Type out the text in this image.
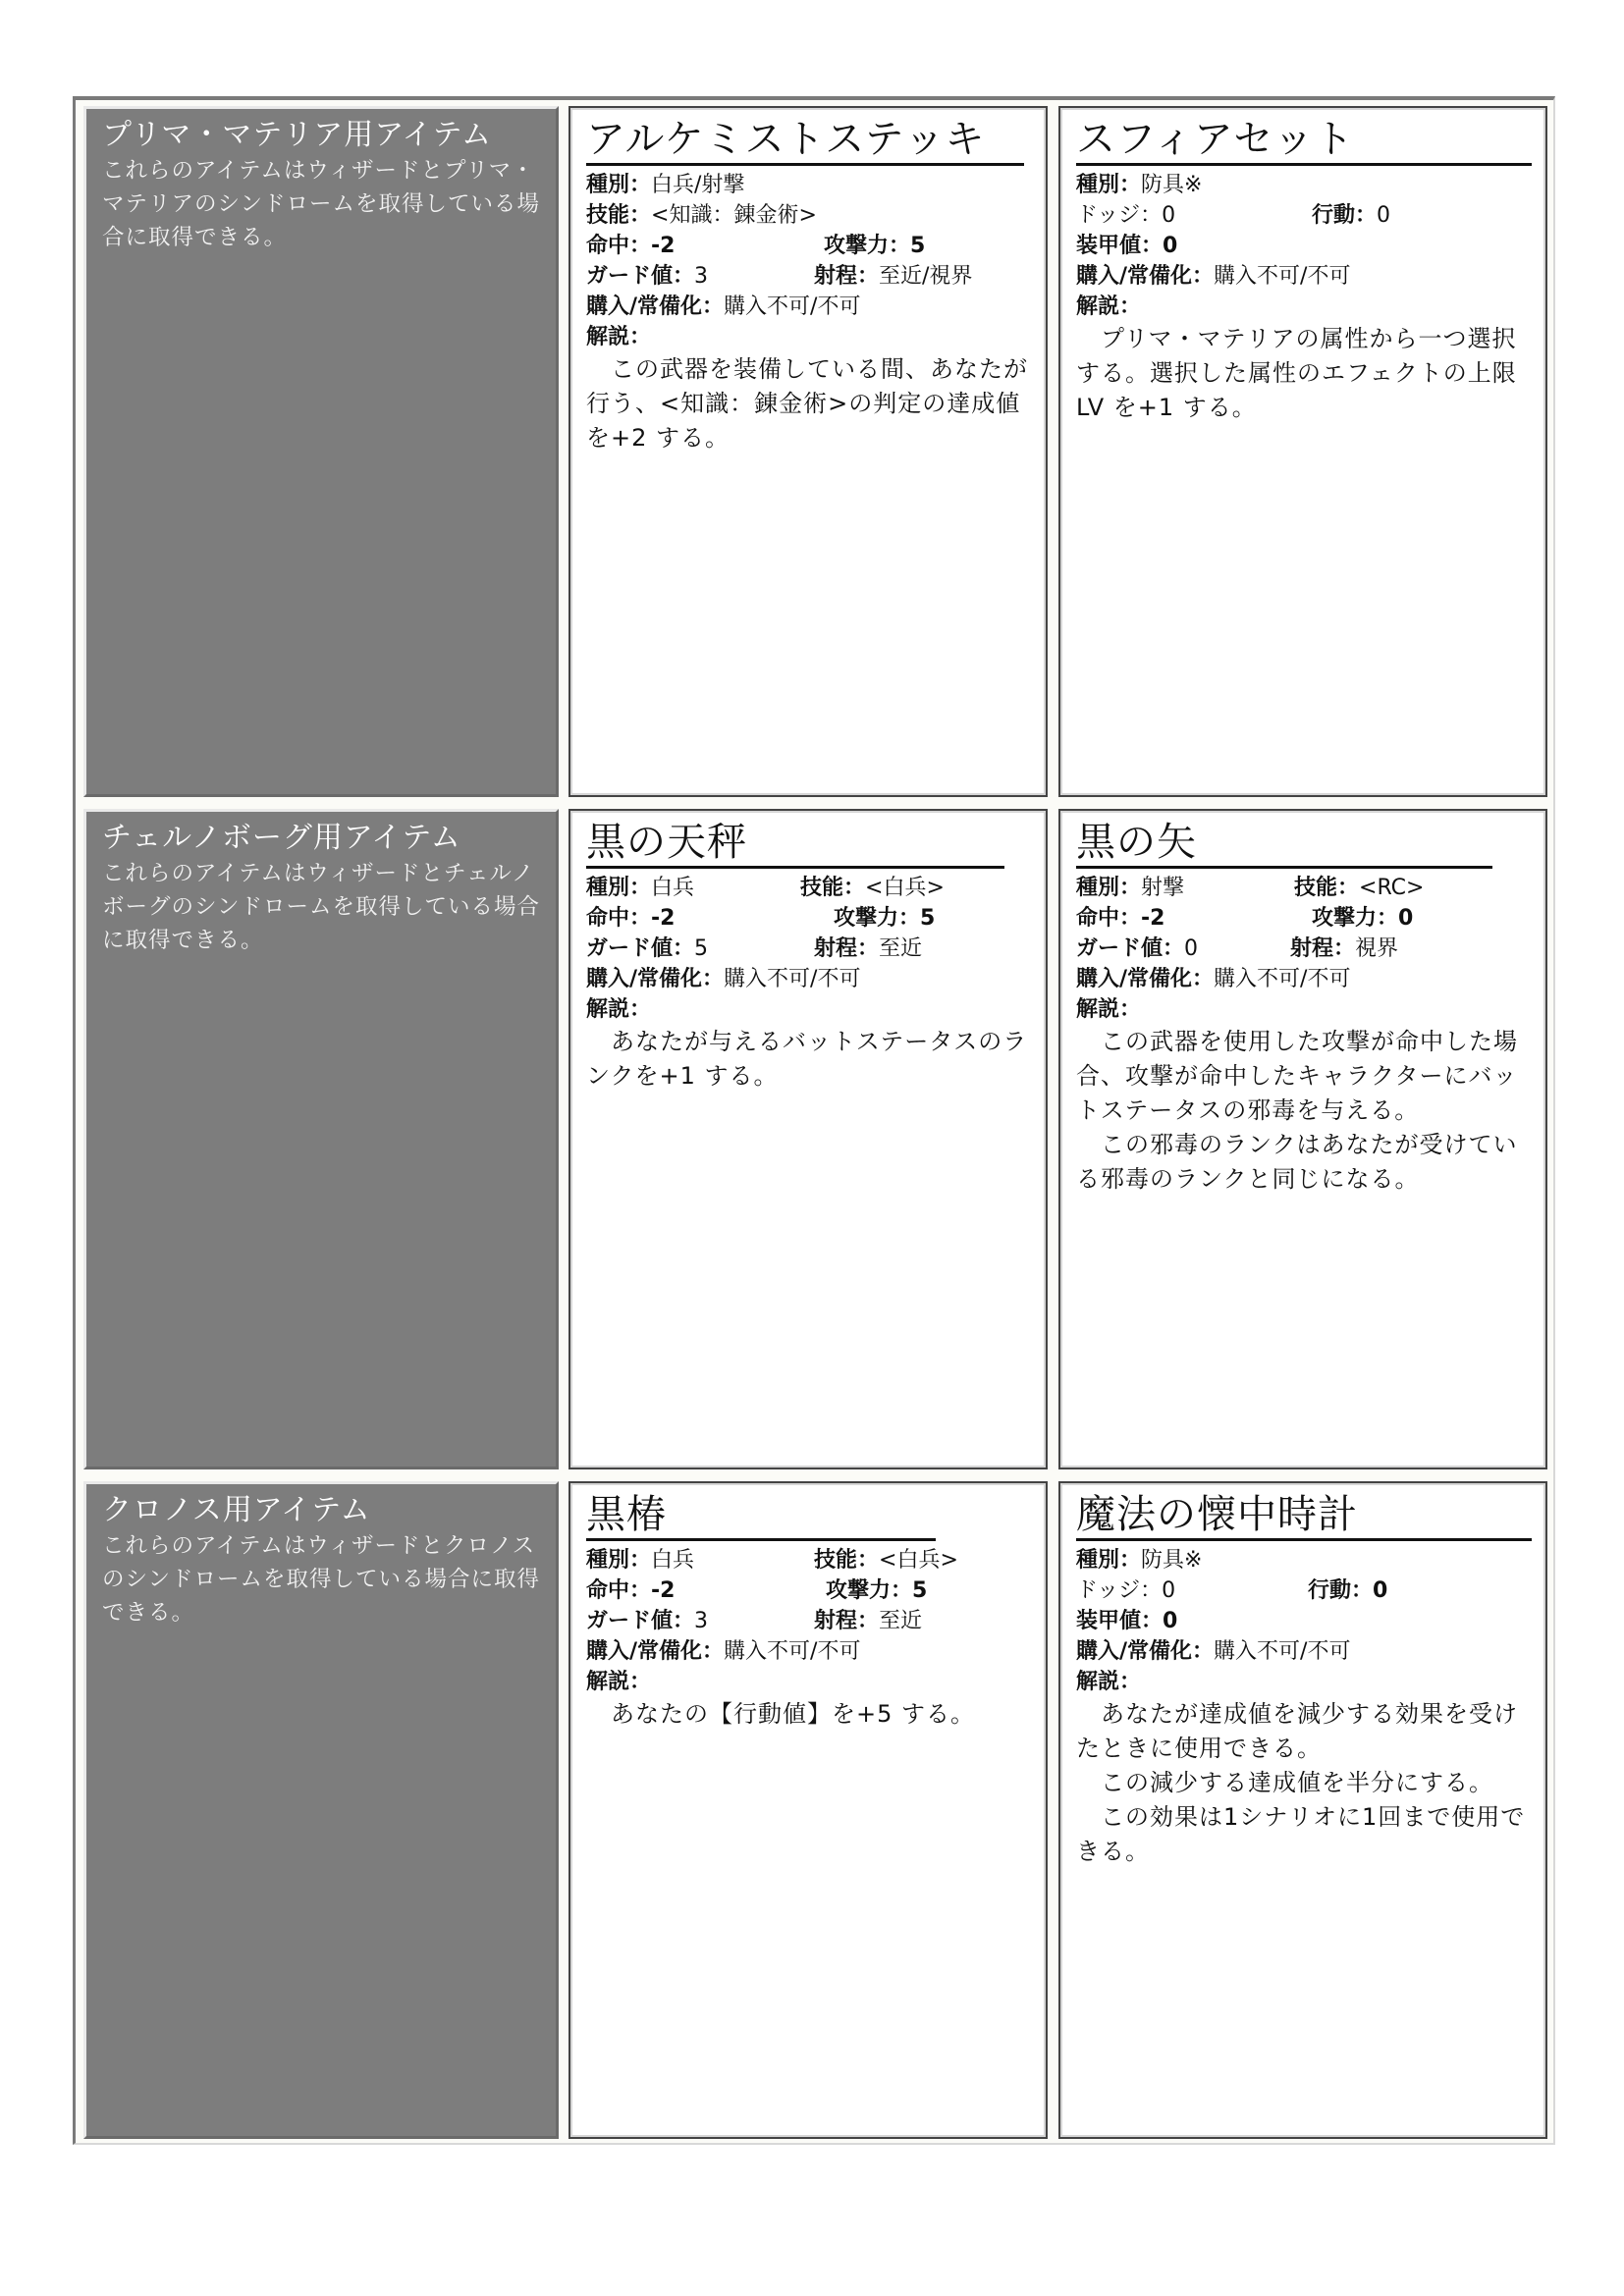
プリマ・マテリア用アイテム
これらのアイテムはウィザードとプリマ・マテリアのシンドロームを取得している場合に取得できる。
アルケミストステッキ
種別：白兵/射撃
技能：<知識：錬金術>
命中：-2	攻撃力：5
ガード値：3	射程：至近/視界
購入/常備化：購入不可/不可
解説：
　この武器を装備している間、あなたが行う、<知識：錬金術>の判定の達成値を+2 する。
スフィアセット
種別：防具※
ドッジ：0	行動：0
装甲値：0
購入/常備化：購入不可/不可
解説：
　プリマ・マテリアの属性から一つ選択する。選択した属性のエフェクトの上限 LV を+1 する。
チェルノボーグ用アイテム
これらのアイテムはウィザードとチェルノボーグのシンドロームを取得している場合に取得できる。
黒の天秤
種別：白兵	技能：<白兵>
命中：-2	攻撃力：5
ガード値：5	射程：至近
購入/常備化：購入不可/不可
解説：
　あなたが与えるバットステータスのランクを+1 する。
黒の矢
種別：射撃	技能：<RC>
命中：-2	攻撃力：0
ガード値：0	射程：視界
購入/常備化：購入不可/不可
解説：
　この武器を使用した攻撃が命中した場合、攻撃が命中したキャラクターにバットステータスの邪毒を与える。
　この邪毒のランクはあなたが受けている邪毒のランクと同じになる。
クロノス用アイテム
これらのアイテムはウィザードとクロノスのシンドロームを取得している場合に取得できる。
黒椿
種別：白兵	技能：<白兵>
命中：-2	攻撃力：5
ガード値：3	射程：至近
購入/常備化：購入不可/不可
解説：
　あなたの【行動値】を+5 する。
魔法の懐中時計
種別：防具※
ドッジ：0	行動：0
装甲値：0
購入/常備化：購入不可/不可
解説：
　あなたが達成値を減少する効果を受けたときに使用できる。
　この減少する達成値を半分にする。
　この効果は1シナリオに1回まで使用できる。
